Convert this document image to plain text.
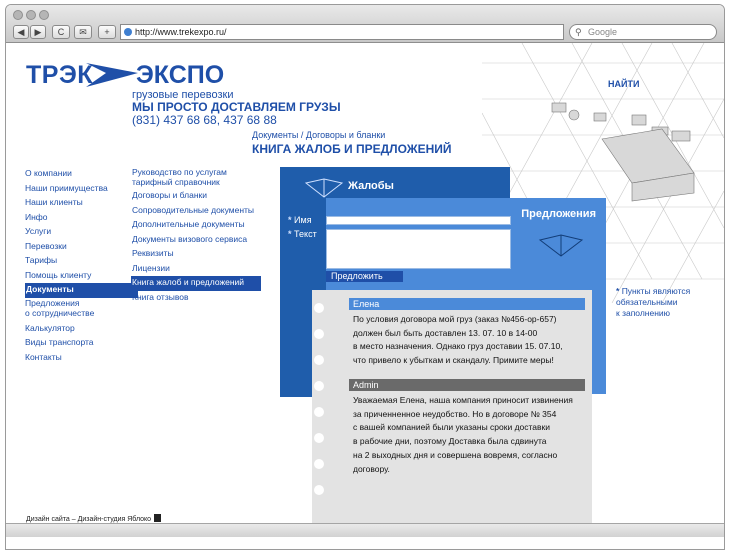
◀	▶	C	✉	+	http://www.trekexpo.ru/	⚲ Google
НАЙТИ
ТРЭК ЭКСПО
грузовые перевозки
МЫ ПРОСТО ДОСТАВЛЯЕМ ГРУЗЫ
(831) 437 68 68, 437 68 88
Документы / Договоры и бланки
КНИГА ЖАЛОБ И ПРЕДЛОЖЕНИЙ
О компании
Наши приимущества
Наши клиенты
Инфо
Услуги
Перевозки
Тарифы
Помощь клиенту
Документы
Предложения
о сотрудничестве
Калькулятор
Виды транспорта
Контакты
Руководство по услугам
тарифный справочник
Договоры и бланки
Сопроводительные документы
Дополнительные документы
Документы визового сервиса
Реквизиты
Лицензии
Книга жалоб и предложений
Книга отзывов
Жалобы
* Имя
* Текст
Предложения
Предложить
Елена
По условия договора мой груз (заказ №456-ор-657)
должен был быть доставлен 13. 07. 10 в 14-00
в место назначения. Однако груз доставии 15. 07.10,
что привело к убыткам и скандалу. Примите меры!
Admin
Уважаемая Елена, наша компания приносит извинения
за приченненное неудобство. Но в договоре № 354
с вашей компанией были указаны сроки доставки
в рабочие дни, поэтому Доставка была сдвинута
на 2 выходных дня и совершена вовремя, согласно
договору.
* Пункты являются
обязательными
к заполнению
Дизайн сайта – Дизайн-студия Яблоко
